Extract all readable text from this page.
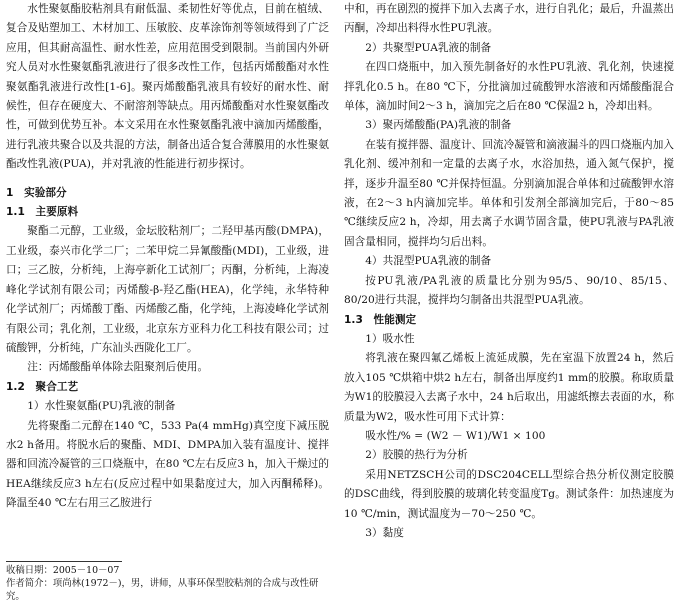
水性聚氨酯胶粘剂具有耐低温、柔韧性好等优点，目前在植绒、复合及贴塑加工、木材加工、压敏胶、皮革涂饰剂等领域得到了广泛应用，但其耐高温性、耐水性差，应用范围受到限制。当前国内外研究人员对水性聚氨酯乳液进行了很多改性工作，包括丙烯酸酯对水性聚氨酯乳液进行改性[1-6]。聚丙烯酸酯乳液具有较好的耐水性、耐候性，但存在硬度大、不耐溶剂等缺点。用丙烯酸酯对水性聚氨酯改性，可做到优势互补。本文采用在水性聚氨酯乳液中滴加丙烯酸酯，进行乳液共聚合以及共混的方法，制备出适合复合薄膜用的水性聚氨酯改性乳液(PUA)，并对乳液的性能进行初步探讨。

1　实验部分

1.1　主要原料

聚酯二元醇，工业级，金坛胶粘剂厂；二羟甲基丙酸(DMPA)，工业级，泰兴市化学二厂；二苯甲烷二异氰酸酯(MDI)，工业级，进口；三乙胺，分析纯，上海亭新化工试剂厂；丙酮，分析纯，上海凌峰化学试剂有限公司；丙烯酸-β-羟乙酯(HEA)，化学纯，永华特种化学试剂厂；丙烯酸丁酯、丙烯酸乙酯，化学纯，上海凌峰化学试剂有限公司；乳化剂，工业级，北京东方亚科力化工科技有限公司；过硫酸钾，分析纯，广东汕头西陇化工厂。

注：丙烯酸酯单体除去阻聚剂后使用。

1.2　聚合工艺

1）水性聚氨酯(PU)乳液的制备

先将聚酯二元醇在140 ℃，533 Pa(4 mmHg)真空度下减压脱水2 h备用。将脱水后的聚酯、MDI、DMPA加入装有温度计、搅拌器和回流冷凝管的三口烧瓶中，在80 ℃左右反应3 h，加入干燥过的HEA继续反应3 h左右(反应过程中如果黏度过大，加入丙酮稀释)。降温至40 ℃左右用三乙胺进行

收稿日期：2005－10－07
作者简介：项尚林(1972－)，男，讲师，从事环保型胶粘剂的合成与改性研究。

中和，再在剧烈的搅拌下加入去离子水，进行自乳化；最后，升温蒸出丙酮，冷却出料得水性PU乳液。

2）共聚型PUA乳液的制备

在四口烧瓶中，加入预先制备好的水性PU乳液、乳化剂，快速搅拌乳化0.5 h。在80 ℃下，分批滴加过硫酸钾水溶液和丙烯酸酯混合单体，滴加时间2～3 h，滴加完之后在80 ℃保温2 h，冷却出料。

3）聚丙烯酸酯(PA)乳液的制备

在装有搅拌器、温度计、回流冷凝管和滴液漏斗的四口烧瓶内加入乳化剂、缓冲剂和一定量的去离子水，水浴加热，通入氮气保护，搅拌，逐步升温至80 ℃并保持恒温。分别滴加混合单体和过硫酸钾水溶液，在2～3 h内滴加完毕。单体和引发剂全部滴加完后，于80～85 ℃继续反应2 h，冷却，用去离子水调节固含量，使PU乳液与PA乳液固含量相同，搅拌均匀后出料。

4）共混型PUA乳液的制备

按PU乳液/PA乳液的质量比分别为95/5、90/10、85/15、80/20进行共混，搅拌均匀制备出共混型PUA乳液。

1.3　性能测定

1）吸水性

将乳液在聚四氟乙烯板上流延成膜，先在室温下放置24 h，然后放入105 ℃烘箱中烘2 h左右，制备出厚度约1 mm的胶膜。称取质量为W1的胶膜浸入去离子水中，24 h后取出，用滤纸擦去表面的水，称质量为W2，吸水性可用下式计算：

吸水性/% = (W2 － W1)/W1 × 100

2）胶膜的热行为分析

采用NETZSCH公司的DSC204CELL型综合热分析仪测定胶膜的DSC曲线，得到胶膜的玻璃化转变温度Tg。测试条件：加热速度为10 ℃/min，测试温度为－70～250 ℃。

3）黏度
